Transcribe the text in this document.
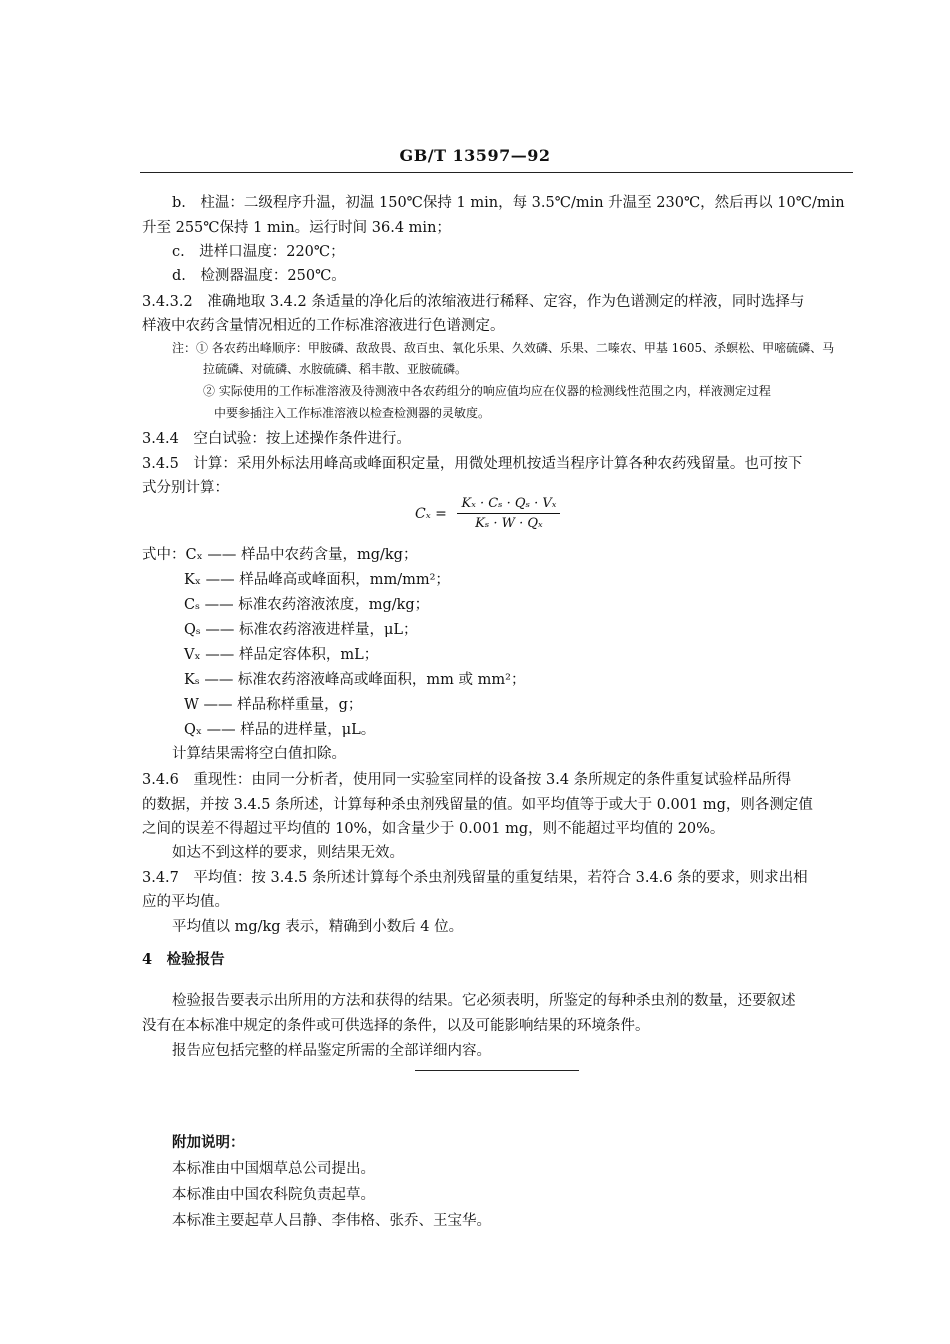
GB/T 13597—92
b.　柱温：二级程序升温，初温 150℃保持 1 min，每 3.5℃/min 升温至 230℃，然后再以 10℃/min
升至 255℃保持 1 min。运行时间 36.4 min；
c.　进样口温度：220℃；
d.　检测器温度：250℃。
3.4.3.2　准确地取 3.4.2 条适量的净化后的浓缩液进行稀释、定容，作为色谱测定的样液，同时选择与
样液中农药含量情况相近的工作标准溶液进行色谱测定。
注：① 各农药出峰顺序：甲胺磷、敌敌畏、敌百虫、氧化乐果、久效磷、乐果、二嗪农、甲基 1605、杀螟松、甲嘧硫磷、马
拉硫磷、对硫磷、水胺硫磷、稻丰散、亚胺硫磷。
② 实际使用的工作标准溶液及待测液中各农药组分的响应值均应在仪器的检测线性范围之内，样液测定过程
中要参插注入工作标准溶液以检查检测器的灵敏度。
3.4.4　空白试验：按上述操作条件进行。
3.4.5　计算：采用外标法用峰高或峰面积定量，用微处理机按适当程序计算各种农药残留量。也可按下
式分别计算：
$C_x = \frac{\text{Kₓ · Cₛ · Qₛ · Vₓ}}{\text{Kₛ · W · Qₓ}}$
式中：Cₓ —— 样品中农药含量，mg/kg；
Kₓ —— 样品峰高或峰面积，mm/mm²；
Cₛ —— 标准农药溶液浓度，mg/kg；
Qₛ —— 标准农药溶液进样量，μL；
Vₓ —— 样品定容体积，mL；
Kₛ —— 标准农药溶液峰高或峰面积，mm 或 mm²；
W —— 样品称样重量，g；
Qₓ —— 样品的进样量，μL。
计算结果需将空白值扣除。
3.4.6　重现性：由同一分析者，使用同一实验室同样的设备按 3.4 条所规定的条件重复试验样品所得
的数据，并按 3.4.5 条所述，计算每种杀虫剂残留量的值。如平均值等于或大于 0.001 mg，则各测定值
之间的误差不得超过平均值的 10%，如含量少于 0.001 mg，则不能超过平均值的 20%。
如达不到这样的要求，则结果无效。
3.4.7　平均值：按 3.4.5 条所述计算每个杀虫剂残留量的重复结果，若符合 3.4.6 条的要求，则求出相
应的平均值。
平均值以 mg/kg 表示，精确到小数后 4 位。
4　检验报告
检验报告要表示出所用的方法和获得的结果。它必须表明，所鉴定的每种杀虫剂的数量，还要叙述
没有在本标准中规定的条件或可供选择的条件，以及可能影响结果的环境条件。
报告应包括完整的样品鉴定所需的全部详细内容。
附加说明：
本标准由中国烟草总公司提出。
本标准由中国农科院负责起草。
本标准主要起草人吕静、李伟格、张乔、王宝华。
